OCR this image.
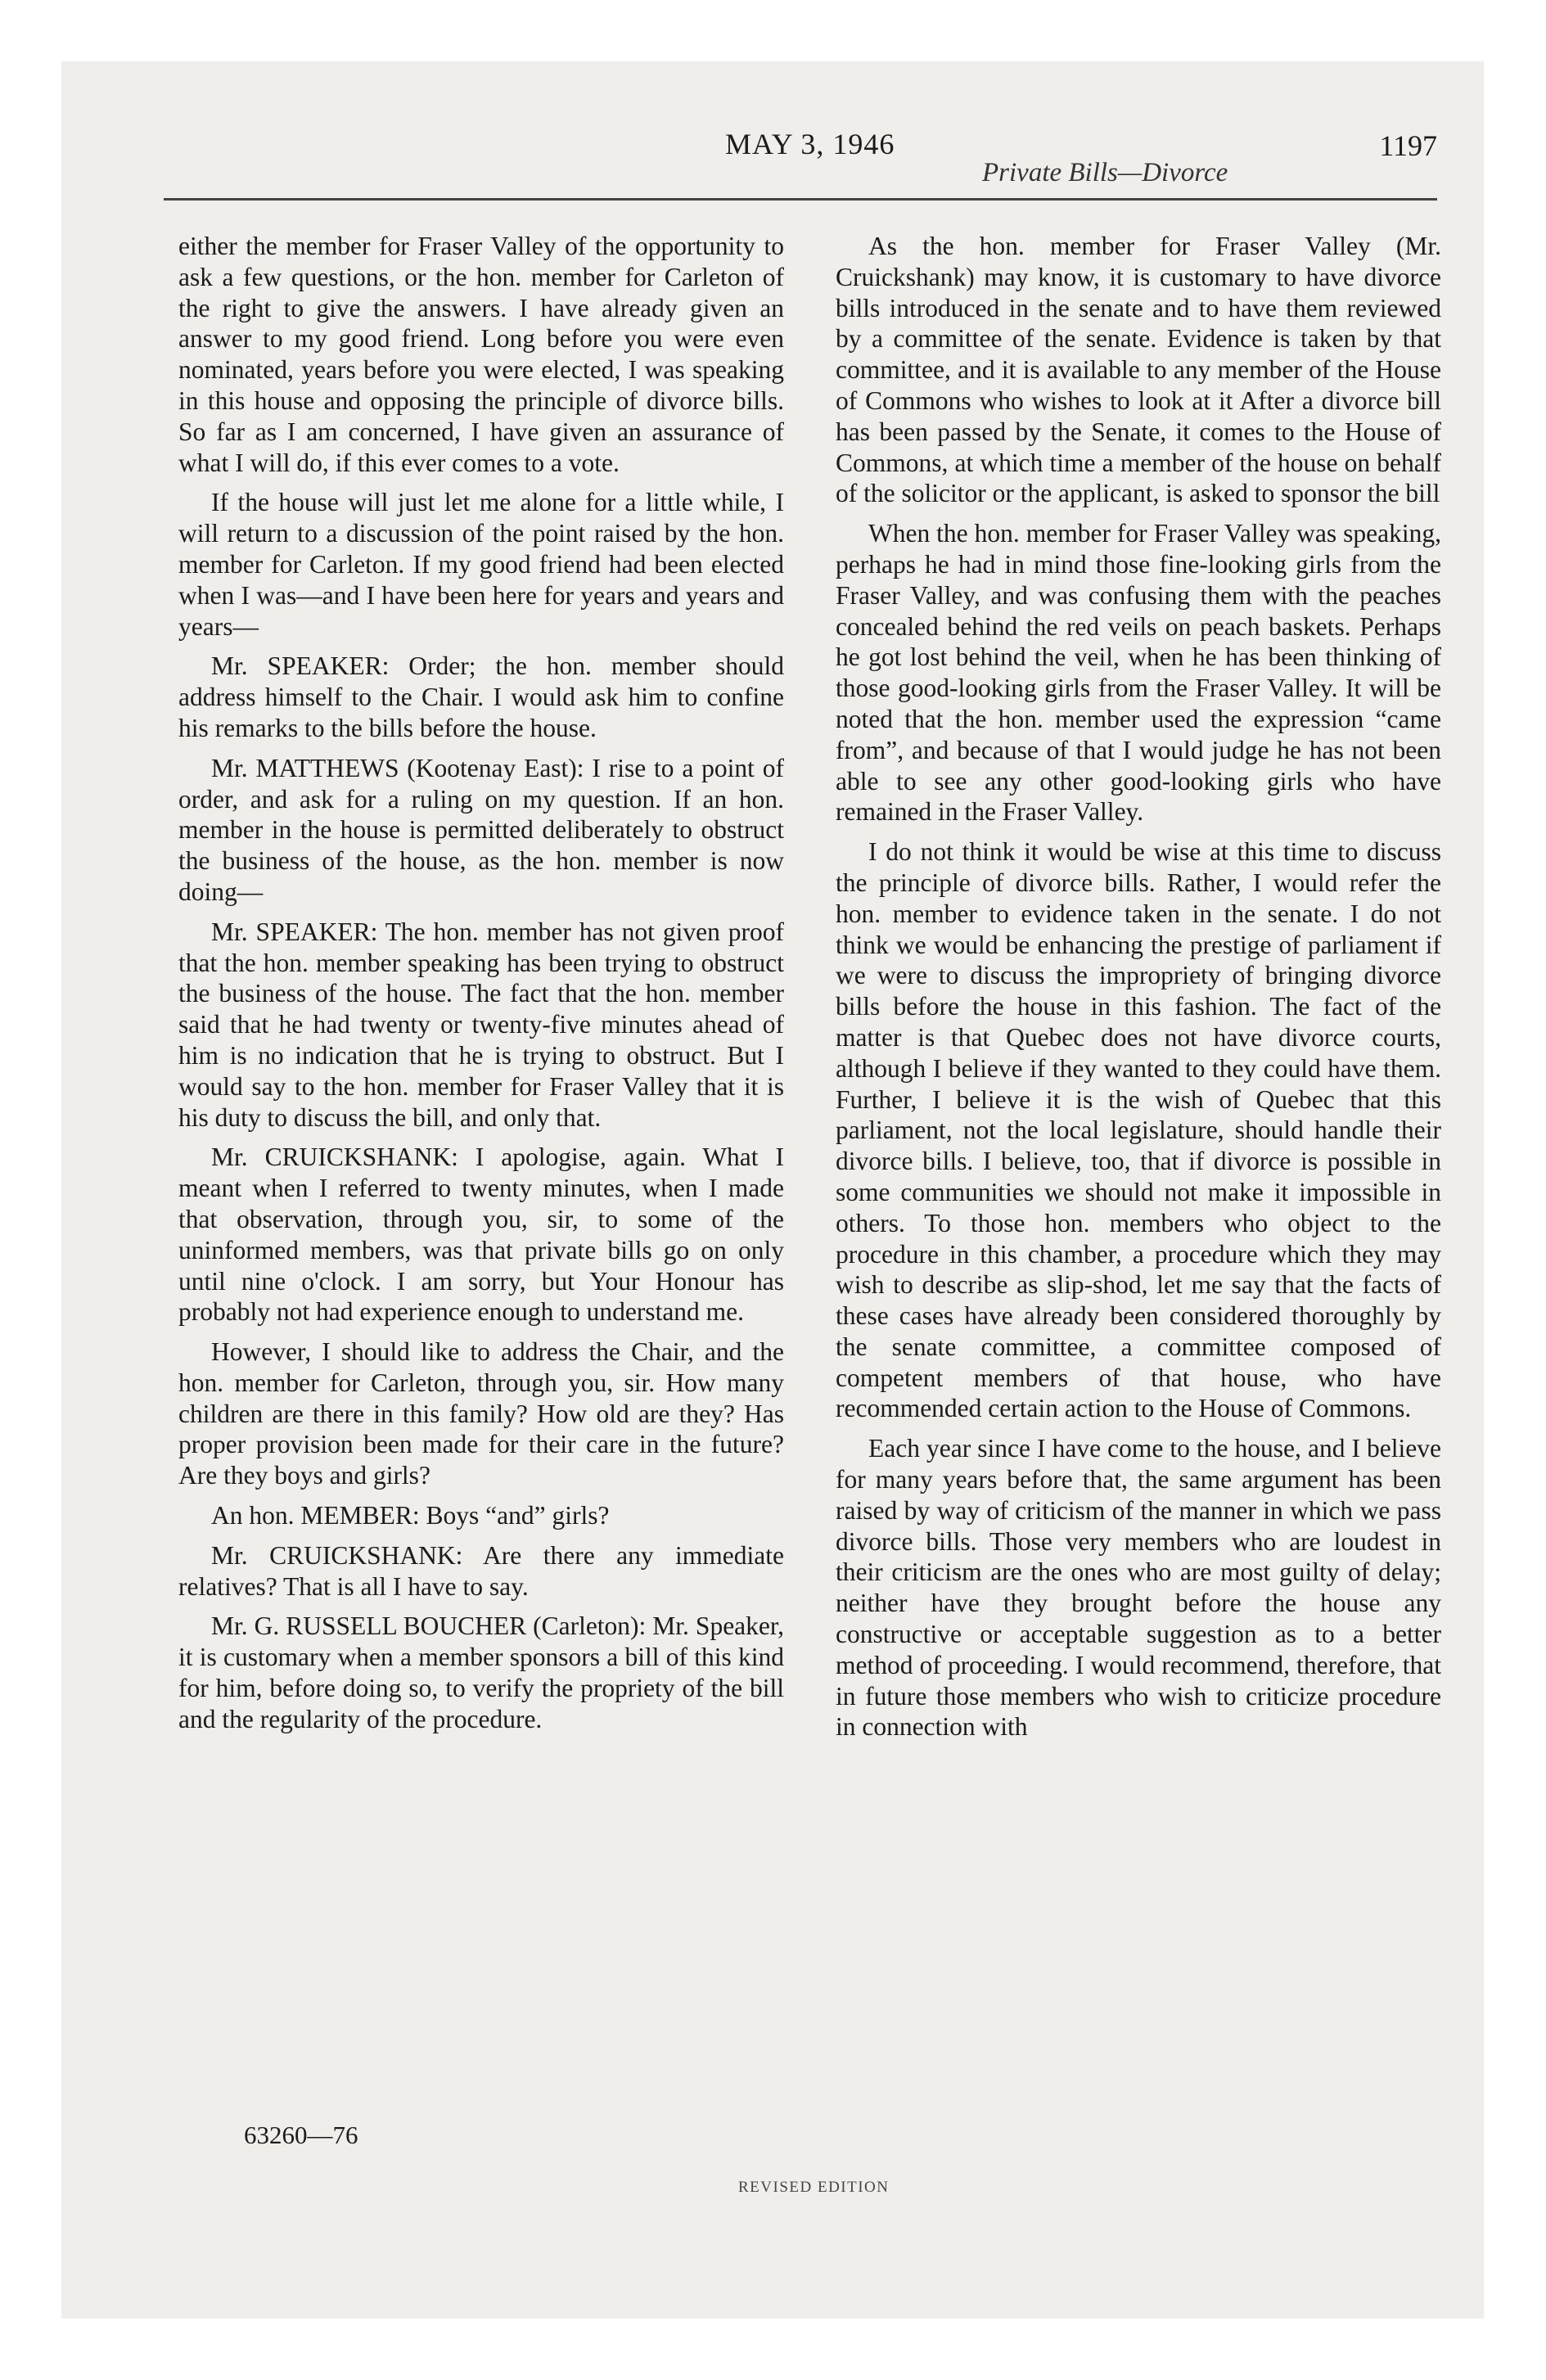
MAY 3, 1946
Private Bills—Divorce
1197

either the member for Fraser Valley of the opportunity to ask a few questions, or the hon. member for Carleton of the right to give the answers. I have already given an answer to my good friend. Long before you were even nominated, years before you were elected, I was speaking in this house and opposing the principle of divorce bills. So far as I am concerned, I have given an assurance of what I will do, if this ever comes to a vote.

If the house will just let me alone for a little while, I will return to a discussion of the point raised by the hon. member for Carleton. If my good friend had been elected when I was—and I have been here for years and years and years—

Mr. SPEAKER: Order; the hon. member should address himself to the Chair. I would ask him to confine his remarks to the bills before the house.

Mr. MATTHEWS (Kootenay East): I rise to a point of order, and ask for a ruling on my question. If an hon. member in the house is permitted deliberately to obstruct the business of the house, as the hon. member is now doing—

Mr. SPEAKER: The hon. member has not given proof that the hon. member speaking has been trying to obstruct the business of the house. The fact that the hon. member said that he had twenty or twenty-five minutes ahead of him is no indication that he is trying to obstruct. But I would say to the hon. member for Fraser Valley that it is his duty to discuss the bill, and only that.

Mr. CRUICKSHANK: I apologise, again. What I meant when I referred to twenty minutes, when I made that observation, through you, sir, to some of the uninformed members, was that private bills go on only until nine o'clock. I am sorry, but Your Honour has probably not had experience enough to understand me.

However, I should like to address the Chair, and the hon. member for Carleton, through you, sir. How many children are there in this family? How old are they? Has proper provision been made for their care in the future? Are they boys and girls?

An hon. MEMBER: Boys “and” girls?

Mr. CRUICKSHANK: Are there any immediate relatives? That is all I have to say.

Mr. G. RUSSELL BOUCHER (Carleton): Mr. Speaker, it is customary when a member sponsors a bill of this kind for him, before doing so, to verify the propriety of the bill and the regularity of the procedure.

As the hon. member for Fraser Valley (Mr. Cruickshank) may know, it is customary to have divorce bills introduced in the senate and to have them reviewed by a committee of the senate. Evidence is taken by that committee, and it is available to any member of the House of Commons who wishes to look at it After a divorce bill has been passed by the Senate, it comes to the House of Commons, at which time a member of the house on behalf of the solicitor or the applicant, is asked to sponsor the bill

When the hon. member for Fraser Valley was speaking, perhaps he had in mind those fine-looking girls from the Fraser Valley, and was confusing them with the peaches concealed behind the red veils on peach baskets. Perhaps he got lost behind the veil, when he has been thinking of those good-looking girls from the Fraser Valley. It will be noted that the hon. member used the expression “came from”, and because of that I would judge he has not been able to see any other good-looking girls who have remained in the Fraser Valley.

I do not think it would be wise at this time to discuss the principle of divorce bills. Rather, I would refer the hon. member to evidence taken in the senate. I do not think we would be enhancing the prestige of parliament if we were to discuss the impropriety of bringing divorce bills before the house in this fashion. The fact of the matter is that Quebec does not have divorce courts, although I believe if they wanted to they could have them. Further, I believe it is the wish of Quebec that this parliament, not the local legislature, should handle their divorce bills. I believe, too, that if divorce is possible in some communities we should not make it impossible in others. To those hon. members who object to the procedure in this chamber, a procedure which they may wish to describe as slip-shod, let me say that the facts of these cases have already been considered thoroughly by the senate committee, a committee composed of competent members of that house, who have recommended certain action to the House of Commons.

Each year since I have come to the house, and I believe for many years before that, the same argument has been raised by way of criticism of the manner in which we pass divorce bills. Those very members who are loudest in their criticism are the ones who are most guilty of delay; neither have they brought before the house any constructive or acceptable suggestion as to a better method of proceeding. I would recommend, therefore, that in future those members who wish to criticize procedure in connection with

63260—76
REVISED EDITION
